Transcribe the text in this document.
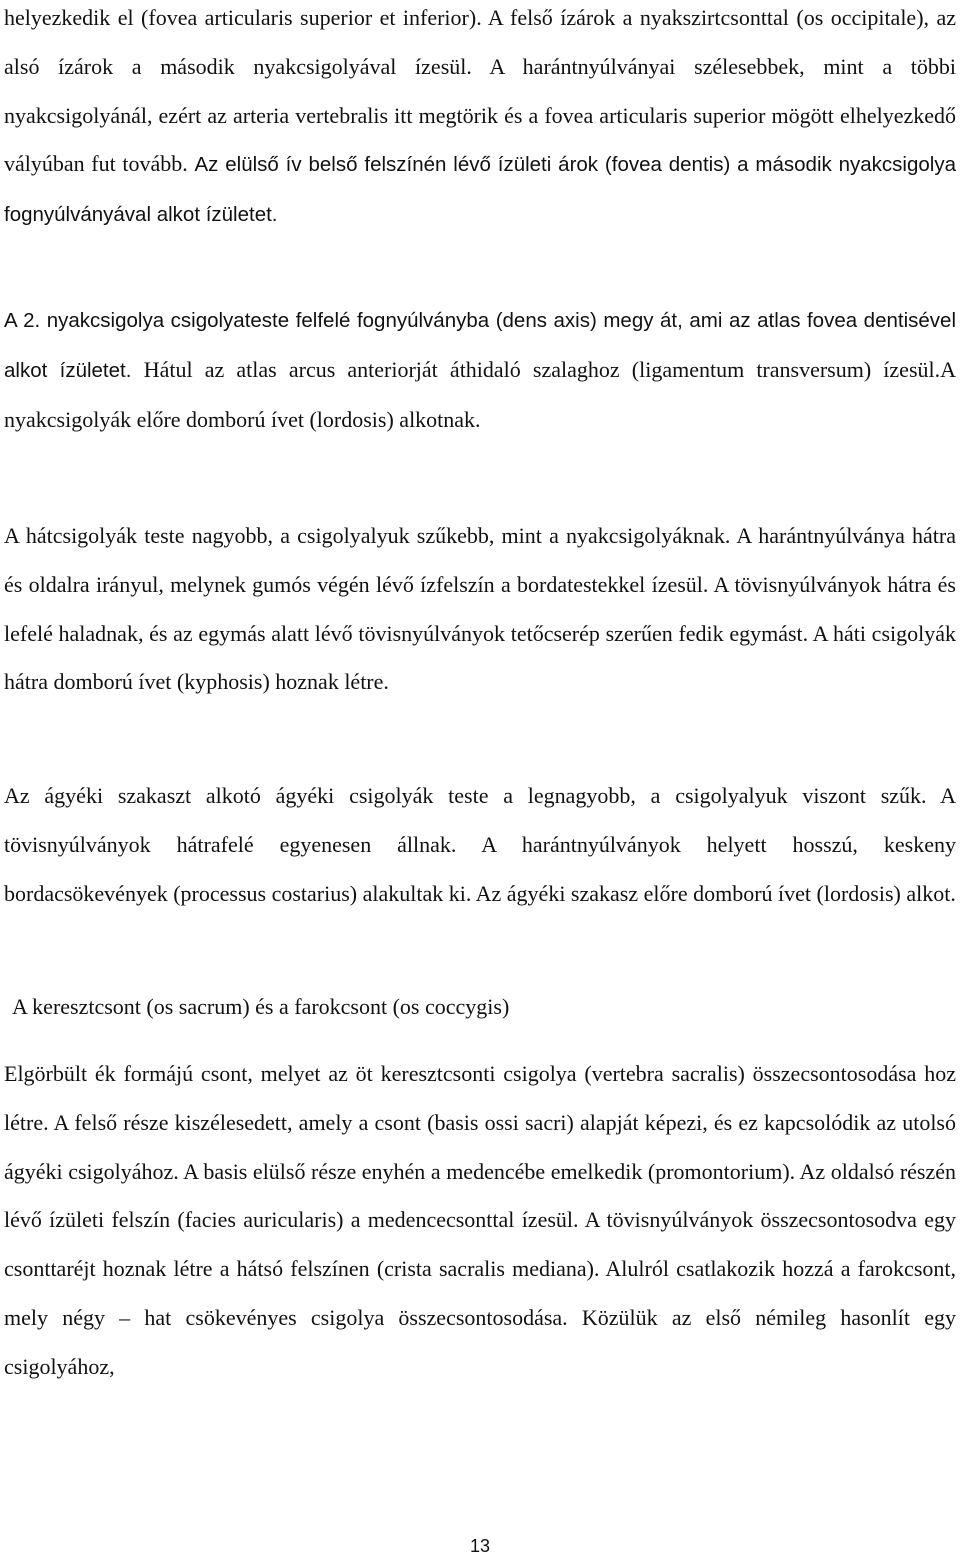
helyezkedik el (fovea articularis superior et inferior). A felső ízárok a nyakszirtcsonttal (os occipitale), az alsó ízárok a második nyakcsigolyával ízesül. A harántnyúlványai szélesebbek, mint a többi nyakcsigolyánál, ezért az arteria vertebralis itt megtörik és a fovea articularis superior mögött elhelyezkedő vályúban fut tovább. Az elülső ív belső felszínén lévő ízületi árok (fovea dentis) a második nyakcsigolya fognyúlványával alkot ízületet.

A 2. nyakcsigolya csigolyateste felfelé fognyúlványba (dens axis) megy át, ami az atlas fovea dentisével alkot ízületet. Hátul az atlas arcus anteriorját áthidaló szalaghoz (ligamentum transversum) ízesül.A nyakcsigolyák előre domború ívet (lordosis) alkotnak.

A hátcsigolyák teste nagyobb, a csigolyalyuk szűkebb, mint a nyakcsigolyáknak. A harántnyúlványa hátra és oldalra irányul, melynek gumós végén lévő ízfelszín a bordatestekkel ízesül. A tövisnyúlványok hátra és lefelé haladnak, és az egymás alatt lévő tövisnyúlványok tetőcserép szerűen fedik egymást. A háti csigolyák hátra domború ívet (kyphosis) hoznak létre.

Az ágyéki szakaszt alkotó ágyéki csigolyák teste a legnagyobb, a csigolyalyuk viszont szűk. A tövisnyúlványok hátrafelé egyenesen állnak. A harántnyúlványok helyett hosszú, keskeny bordacsökevények (processus costarius) alakultak ki. Az ágyéki szakasz előre domború ívet (lordosis) alkot.

A keresztcsont (os sacrum) és a farokcsont (os coccygis)

Elgörbült ék formájú csont, melyet az öt keresztcsonti csigolya (vertebra sacralis) összecsontosodása hoz létre. A felső része kiszélesedett, amely a csont (basis ossi sacri) alapját képezi, és ez kapcsolódik az utolsó ágyéki csigolyához. A basis elülső része enyhén a medencébe emelkedik (promontorium). Az oldalsó részén lévő ízületi felszín (facies auricularis) a medencecsonttal ízesül. A tövisnyúlványok összecsontosodva egy csonttaréjt hoznak létre a hátsó felszínen (crista sacralis mediana). Alulról csatlakozik hozzá a farokcsont, mely négy – hat csökevényes csigolya összecsontosodása. Közülük az első némileg hasonlít egy csigolyához,

13
